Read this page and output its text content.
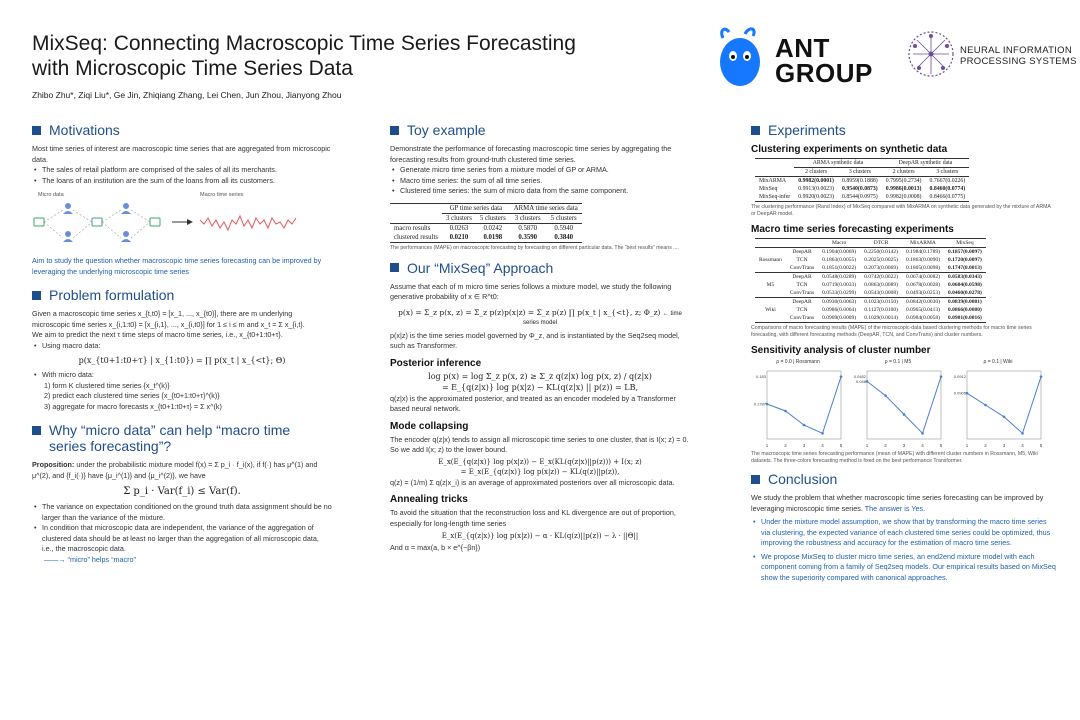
MixSeq: Connecting Macroscopic Time Series Forecasting
with Microscopic Time Series Data
Zhibo Zhu*, Ziqi Liu*, Ge Jin, Zhiqiang Zhang, Lei Chen, Jun Zhou, Jianyong Zhou
ANT
GROUP
NEURAL INFORMATION
PROCESSING SYSTEMS
Motivations

Most time series of interest are macroscopic time series that are aggregated from microscopic data.

• The sales of retail platform are comprised of the sales of all its merchants.
• The loans of an institution are the sum of the loans from all its customers.
Micro data	Macro time series

Aim to study the question whether macroscopic time series forecasting can be improved by leveraging the underlying microscopic time series

Problem formulation

Given a macroscopic time series x_{t,t0} = [x_1, ..., x_{t0}], there are m underlying microscopic time series x_{i,1:t0} = [x_{i,1}, ..., x_{i,t0}] for 1 ≤ i ≤ m and x_t = Σ x_{i,t}.

We aim to predict the next τ time steps of macro time series, i.e., x_{t0+1:t0+τ}.

• Using macro data:
p(x_{t0+1:t0+τ} | x_{1:t0}) = ∏ p(x_t | x_{<t}; Θ)
• With micro data:

1) form K clustered time series {x_t^(k)}

2) predict each clustered time series {x_{t0+1:t0+τ}^(k)}

3) aggregate for macro forecasts x_{t0+1:t0+τ} = Σ x^(k)

Why “micro data” can help “macro time
series forecasting”?

Proposition: under the probabilistic mixture model f(x) = Σ p_i · f_i(x), if f(·) has μ^(1) and μ^(2), and {f_i(·)} have {μ_i^(1)} and {μ_i^(2)}, we have

Σ p_i · Var(f_i) ≤ Var(f).
• The variance on expectation conditioned on the ground truth data assignment should be no larger than the variance of the mixture.
• In condition that microscopic data are independent, the variance of the aggregation of clustered data should be at least no larger than the aggregation of all microscopic data, i.e., the macroscopic data.

——→ “micro” helps “macro”

Toy example

Demonstrate the performance of forecasting macroscopic time series by aggregating the forecasting results from ground-truth clustered time series.

• Generate micro time series from a mixture model of GP or ARMA.
• Macro time series: the sum of all time series.
• Clustered time series: the sum of micro data from the same component.
	GP time series data		ARMA time series data	
	3 clusters	5 clusters	3 clusters	5 clusters
macro results	0.0263	0.0242	0.5870	0.5940
clustered results	0.0210	0.0198	0.3590	0.3840
The performances (MAPE) on macroscopic forecasting by forecasting on different particular data. The “best results” means ....
Our “MixSeq” Approach

Assume that each of m micro time series follows a mixture model, we study the following generative probability of x ∈ R^t0:

p(x) = Σ_z p(x, z) = Σ_z p(z)p(x|z) = Σ_z p(z) ∏ p(x_t | x_{<t}, z; Φ_z) ← time series model

p(x|z) is the time series model governed by Φ_z, and is instantiated by the Seq2seq model, such as Transformer.

Posterior inference
log p(x) = log Σ_z p(x, z) ≥ Σ_z q(z|x) log p(x, z) / q(z|x)
= E_{q(z|x)} log p(x|z) − KL(q(z|x) || p(z)) = LB,

q(z|x) is the approximated posterior, and treated as an encoder modeled by a Transformer based neural network.

Mode collapsing

The encoder q(z|x) tends to assign all microscopic time series to one cluster, that is I(x; z) = 0. So we add I(x; z) to the lower bound.

E_x(E_{q(z|x)} log p(x|z)) − E_x(KL(q(z|x)||p(z))) + I(x; z)
= E_x(E_{q(z|x)} log p(x|z)) − KL(q(z)||p(z)),

q(z) = (1/m) Σ q(z|x_i) is an average of approximated posteriors over all microscopic data.

Annealing tricks

To avoid the situation that the reconstruction loss and KL divergence are out of proportion, especially for long-length time series

E_x(E_{q(z|x)} log p(x|z)) − α · KL(q(z)||p(z)) − λ · ||Θ||

And α = max(a, b × e^{−βn})

Experiments
Clustering experiments on synthetic data
	ARMA synthetic data		DeepAR synthetic data	
	2 clusters	3 clusters	2 clusters	3 clusters
MixARMA	0.9982(0.0001)	0.8959(0.1888)	0.7995(0.2734)	0.7667(0.0226)
MixSeq	0.9913(0.0023)	0.9540(0.0873)	0.9986(0.0013)	0.8460(0.0774)
MixSeq-infer	0.9920(0.0023)	0.8544(0.0975)	0.9982(0.0008)	0.8466(0.0775)
The clustering performance (Rand Index) of MixSeq compared with MixARMA on synthetic data generated by the mixture of ARMA or DeepAR model.
Macro time series forecasting experiments
		Macro	DTCR	MixARMA	MixSeq
Rossmann	DeepAR	0.1904(0.0069)	0.2250(0.0142)	0.1984(0.1789)	0.1857(0.0097)
	TCN	0.1863(0.0055)	0.2025(0.0025)	0.1863(0.0090)	0.1720(0.0097)
	ConvTrans	0.1851(0.0022)	0.2073(0.0069)	0.1805(0.0098)	0.1747(0.0013)
M5	DeepAR	0.0548(0.0289)	0.0742(0.0022)	0.0674(0.0082)	0.0583(0.0343)
	TCN	0.0719(0.0033)	0.0863(0.0089)	0.0678(0.0028)	0.0604(0.0598)
	ConvTrans	0.0533(0.0299)	0.0543(0.0008)	0.0493(0.0253)	0.0460(0.0278)
Wiki	DeepAR	0.0930(0.0063)	0.1023(0.0150)	0.0842(0.0030)	0.0839(0.0081)
	TCN	0.0986(0.0064)	0.1127(0.0100)	0.0965(0.0413)	0.0866(0.0080)
	ConvTrans	0.0909(0.0009)	0.1029(0.0014)	0.0984(0.0058)	0.0901(0.0016)
Comparisons of macro forecasting results (MAPE) of the microscopic-data based clustering methods for macro time series forecasting, with different forecasting methods (DeepAR, TCN, and ConvTrans) and cluster numbers.
Sensitivity analysis of cluster number
ρ = 0.0 | Rossmann
1	2	3	4	5
0.1787
0.183
ρ = 0.1 | M5
1	2	3	4	5
0.048
0.0482
ρ = 0.1 | Wiki
1	2	3	4	5
0.0905
0.0912
The macroscopic time series forecasting performance (mean of MAPE) with different cluster numbers in Rossmann, M5, Wiki datasets. The three-colors forecasting method is fixed on the best performance Transformer.
Conclusion

We study the problem that whether macroscopic time series forecasting can be improved by leveraging microscopic time series. The answer is Yes.

• Under the mixture model assumption, we show that by transforming the macro time series via clustering, the expected variance of each clustered time series could be optimized, thus improving the robustness and accuracy for the estimation of macro time series.
• We propose MixSeq to cluster micro time series, an end2end mixture model with each component coming from a family of Seq2seq models. Our empirical results based on MixSeq show the superiority compared with canonical approaches.
